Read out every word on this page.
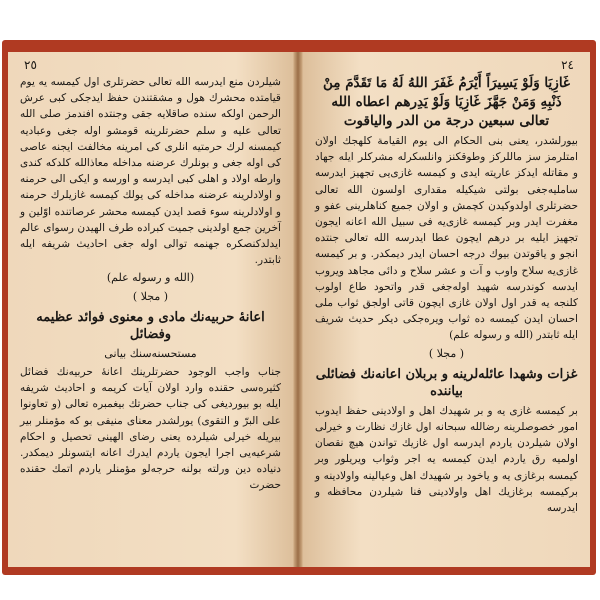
٢٥

شیلردن منع ایدرسه الله تعالی حضرتلری اول کیمسه یه یوم قیامتده محشرك هول و مشقتندن حفظ ایدجکی کبی عرش الرحمن اولکه سنده صاقلایه جقی وجنتده افندمز صلی الله تعالی علیه و سلم حضرتلرینه قومشو اوله جغی وعبادیه کیمسنه لرك حرمتیه انلری کی امرینه مخالفت ایجنه عاصی کی اوله جغی و بونلرك عرضنه مداخله معاذالله کلدکه کندی وارطه اولاد و اهلی کبی ایدرسه و اورسه و ایکی الی حرمنه و اولادلرینه عرضنه مداخله کی یولك کیمسه غازیلرك حرمنه و اولادلرینه سوء قصد ایدن کیمسه محشر عرصاتنده اوّلین و آخرین جمع اولدینی جمیت کبراده طرف الهیدن رسوای عالم ایدلدکنصکره جهنمه توالی اوله جغی احادیث شریفه ایله ثابتدر.

(الله و رسوله علم)
( مجلا )
اعانهٔ حربیه‌نك مادی و معنوی فوائد عظیمه وفضائل
مستحسنه‌سنك بیانی

جناب واجب الوجود حضرتلرینك اعانهٔ حربیه‌نك فضائل کثیره‌سی حقنده وارد اولان آیات کریمه و احادیث شریفه ایله بو بیوردیغی کی جناب حضرتك بیغمبره تعالی (و تعاونوا علی البرّ و التقوی) یورلشدر معنای منیفی بو که مؤمنلر بیر بیریله خیرلی شیلرده یعنی رضای الهینی تحصیل و احکام شرعیه‌یی اجرا ایجون یاردم ایدرك اعانه ایتسونلر دیمکدر. دنیاده دین ورلته بولنه حرجه‌لو مؤمنلر یاردم اتمك حقنده حضرت

٢٤
غَازِيَا وَلَوْ يَسِيرَاً أَيْرَمُ غَفَرَ اللهُ لَهُ مَا تَقَدَّمَ مِنْ ذَنْبِهِ وَمَنْ جَهَّزَ غَازِيَا وَلَوْ يَدِرهم اعطاه الله تعالى سبعين درجة من الدر والياقوت

بیورلشدر، یعنی بنی الحکام الی یوم القیامة کلهجك اولان امتلرمز سز ماللرکز وطوقکنز وانلسکرله مشرکلر ایله جهاد و مقاتله ایدکز عاریته ایدی و کیمسه غازی‌یی تجهیز ایدرسه ساملیه‌جغی بولتی شیکیله مقداری اولسون الله تعالی حضرتلری اولدوکیدن کچمش و اولان جمیع کناهلرینی عفو و مغفرت ایدر وبر کیمسه غازی‌یه فی سبیل الله اعانه ایجون تجهیز ایلیه بر درهم ایچون عطا ایدرسه الله تعالی جنتده انجو و یاقوتدن بیوك درجه احسان ایدر دیمکدر. و بر کیمسه غازی‌یه سلاح واوب و آت و عشر سلاح و دائی مجاهد ویروب ایدسه کوندرسه شهید اوله‌جغی قدر واتحود طاع اولوب کلنجه یه قدر اول اولان غازی ایچون قاتی اولجق ثواب ملی احسان ایدن کیمسه ده ثواب ویره‌جکی دیکر حدیث شریف ایله ثابتدر (الله و رسوله علم)

( مجلا )
غزات وشهدا عائله‌لرینه و بربلان اعانه‌نك فضائلی بیاننده

بر کیمسه غازی یه و بر شهیدك اهل و اولادینی حفظ ایدوب امور خصوصلرینه رضالله سبحانه اول غازك نظارت و خیرلی اولان شیلردن یاردم ایدرسه اول غازیك تواندن هیچ نقصان اولمیه رق یاردم ایدن کیمسه یه اجر وثواب ویریلور وبر کیمسه برغازی یه و یاخود بر شهیدك اهل وعیالینه واولادینه و برکیمسه برغازیك اهل واولادینی فنا شیلردن محافظه و ایدرسه
